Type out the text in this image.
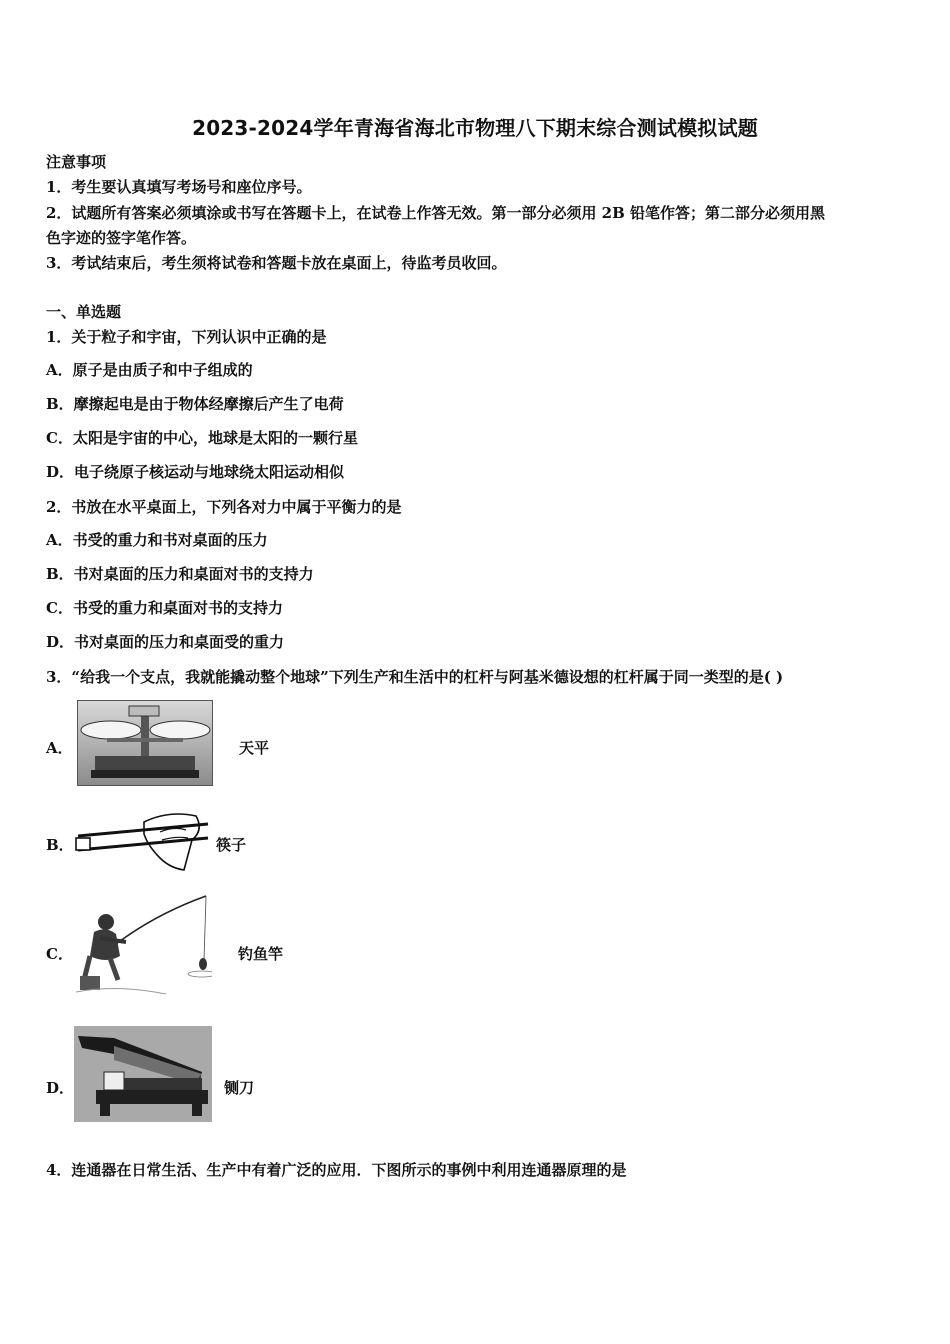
2023-2024学年青海省海北市物理八下期末综合测试模拟试题
注意事项
1．考生要认真填写考场号和座位序号。
2．试题所有答案必须填涂或书写在答题卡上，在试卷上作答无效。第一部分必须用 2B 铅笔作答；第二部分必须用黑
色字迹的签字笔作答。
3．考试结束后，考生须将试卷和答题卡放在桌面上，待监考员收回。
一、单选题
1．关于粒子和宇宙，下列认识中正确的是
A．原子是由质子和中子组成的
B．摩擦起电是由于物体经摩擦后产生了电荷
C．太阳是宇宙的中心，地球是太阳的一颗行星
D．电子绕原子核运动与地球绕太阳运动相似
2．书放在水平桌面上，下列各对力中属于平衡力的是
A．书受的重力和书对桌面的压力
B．书对桌面的压力和桌面对书的支持力
C．书受的重力和桌面对书的支持力
D．书对桌面的压力和桌面受的重力
3．“给我一个支点，我就能撬动整个地球”下列生产和生活中的杠杆与阿基米德设想的杠杆属于同一类型的是( )
A．	天平
B．	筷子
C．	钓鱼竿
D．	铡刀
4．连通器在日常生活、生产中有着广泛的应用．下图所示的事例中利用连通器原理的是
